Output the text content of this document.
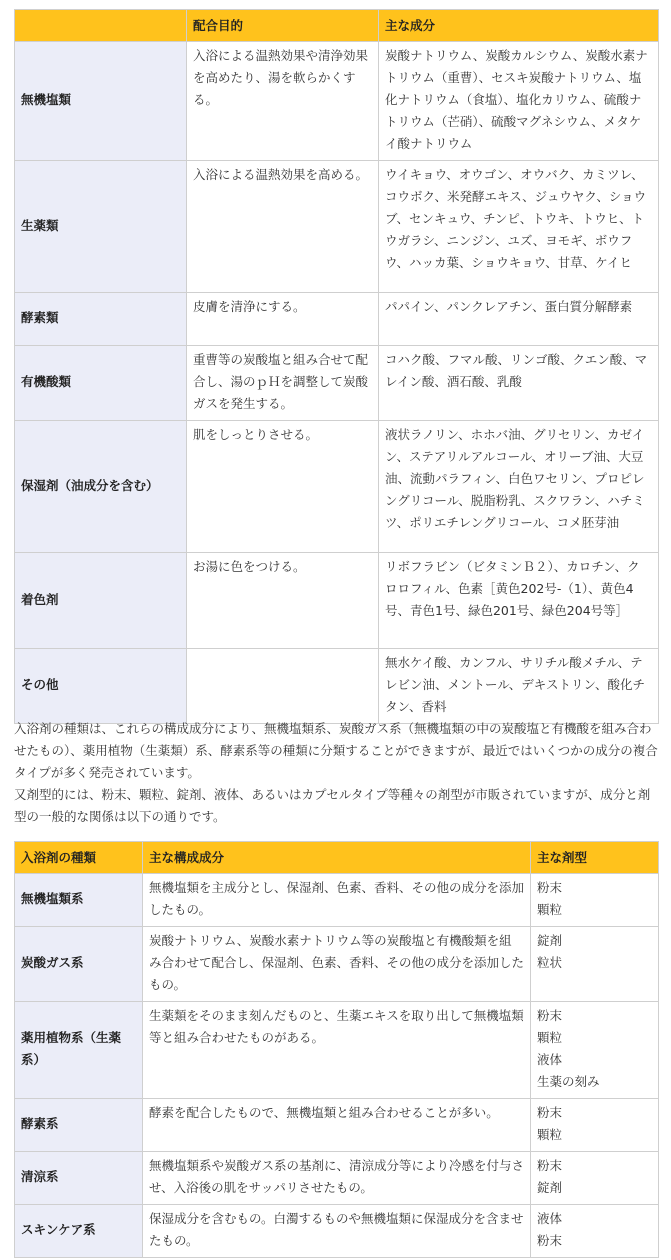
	配合目的	主な成分
無機塩類	入浴による温熱効果や清浄効果を高めたり、湯を軟らかくする。	炭酸ナトリウム、炭酸カルシウム、炭酸水素ナトリウム（重曹）、セスキ炭酸ナトリウム、塩化ナトリウム（食塩）、塩化カリウム、硫酸ナトリウム（芒硝）、硫酸マグネシウム、メタケイ酸ナトリウム
生薬類	入浴による温熱効果を高める。	ウイキョウ、オウゴン、オウバク、カミツレ、コウボク、米発酵エキス、ジュウヤク、ショウブ、センキュウ、チンピ、トウキ、トウヒ、トウガラシ、ニンジン、ユズ、ヨモギ、ボウフウ、ハッカ葉、ショウキョウ、甘草、ケイヒ
酵素類	皮膚を清浄にする。	パパイン、パンクレアチン、蛋白質分解酵素
有機酸類	重曹等の炭酸塩と組み合せて配合し、湯のｐＨを調整して炭酸ガスを発生する。	コハク酸、フマル酸、リンゴ酸、クエン酸、マレイン酸、酒石酸、乳酸
保湿剤（油成分を含む）	肌をしっとりさせる。	液状ラノリン、ホホバ油、グリセリン、カゼイン、ステアリルアルコール、オリーブ油、大豆油、流動パラフィン、白色ワセリン、プロピレングリコール、脱脂粉乳、スクワラン、ハチミツ、ポリエチレングリコール、コメ胚芽油
着色剤	お湯に色をつける。	リボフラビン（ビタミンＢ２）、カロチン、クロロフィル、色素［黄色202号-（1）、黄色4号、青色1号、緑色201号、緑色204号等］
その他		無水ケイ酸、カンフル、サリチル酸メチル、テレビン油、メントール、デキストリン、酸化チタン、香料

入浴剤の種類は、これらの構成成分により、無機塩類系、炭酸ガス系（無機塩類の中の炭酸塩と有機酸を組み合わせたもの）、薬用植物（生薬類）系、酵素系等の種類に分類することができますが、最近ではいくつかの成分の複合タイプが多く発売されています。

又剤型的には、粉末、顆粒、錠剤、液体、あるいはカプセルタイプ等種々の剤型が市販されていますが、成分と剤型の一般的な関係は以下の通りです。

入浴剤の種類	主な構成成分	主な剤型
無機塩類系	無機塩類を主成分とし、保湿剤、色素、香料、その他の成分を添加したもの。	粉末
顆粒

炭酸ガス系	炭酸ナトリウム、炭酸水素ナトリウム等の炭酸塩と有機酸類を組み合わせて配合し、保湿剤、色素、香料、その他の成分を添加したもの。	錠剤
粒状

薬用植物系（生薬系）	生薬類をそのまま刻んだものと、生薬エキスを取り出して無機塩類等と組み合わせたものがある。	粉末
顆粒
液体
生薬の刻み

酵素系	酵素を配合したもので、無機塩類と組み合わせることが多い。	粉末
顆粒

清涼系	無機塩類系や炭酸ガス系の基剤に、清涼成分等により冷感を付与させ、入浴後の肌をサッパリさせたもの。	粉末
錠剤

スキンケア系	保湿成分を含むもの。白濁するものや無機塩類に保湿成分を含ませたもの。	液体
粉末
